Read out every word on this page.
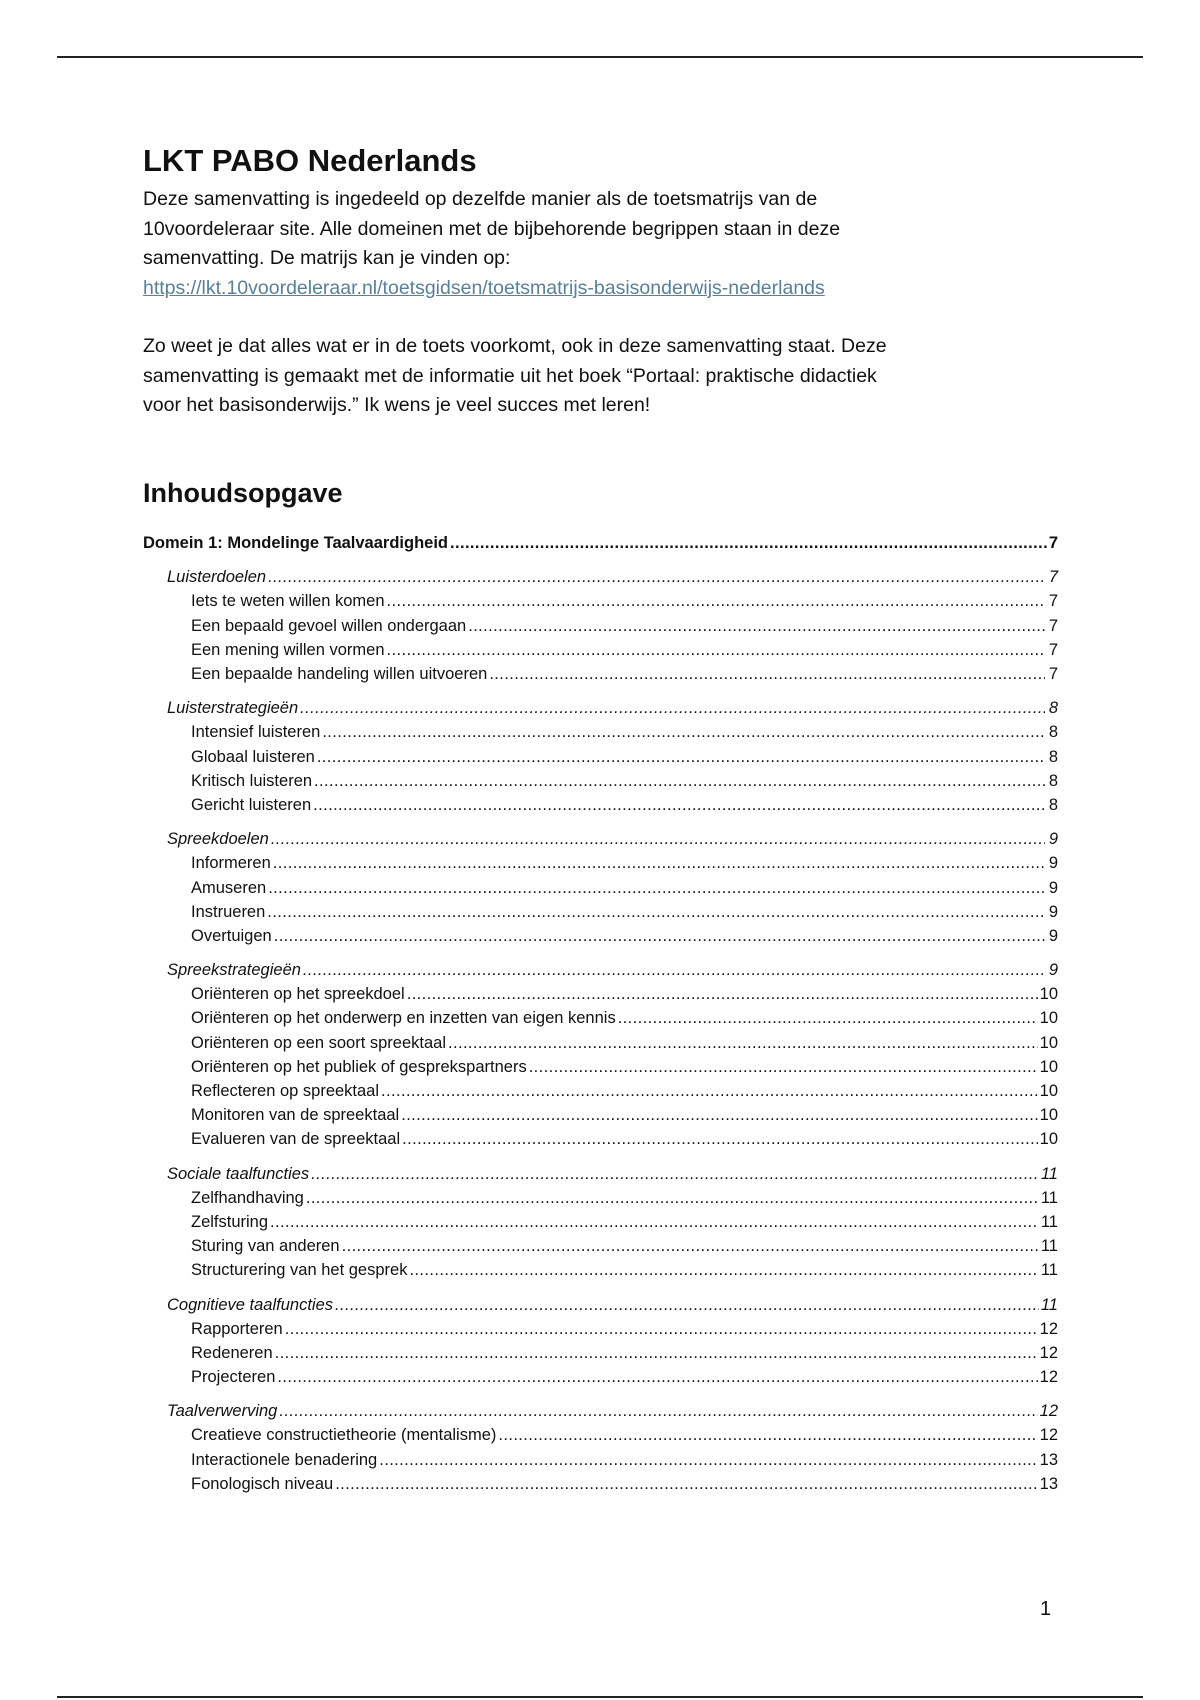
LKT PABO Nederlands

Deze samenvatting is ingedeeld op dezelfde manier als de toetsmatrijs van de
10voordeleraar site. Alle domeinen met de bijbehorende begrippen staan in deze
samenvatting. De matrijs kan je vinden op:
https://lkt.10voordeleraar.nl/toetsgidsen/toetsmatrijs-basisonderwijs-nederlands

Zo weet je dat alles wat er in de toets voorkomt, ook in deze samenvatting staat. Deze
samenvatting is gemaakt met de informatie uit het boek “Portaal: praktische didactiek
voor het basisonderwijs.” Ik wens je veel succes met leren!

Inhoudsopgave
Domein 1: Mondelinge Taalvaardigheid .....	7
Luisterdoelen .....	7
Iets te weten willen komen .....	7
Een bepaald gevoel willen ondergaan .....	7
Een mening willen vormen .....	7
Een bepaalde handeling willen uitvoeren .....	7
Luisterstrategieën .....	8
Intensief luisteren .....	8
Globaal luisteren .....	8
Kritisch luisteren .....	8
Gericht luisteren .....	8
Spreekdoelen .....	9
Informeren .....	9
Amuseren .....	9
Instrueren .....	9
Overtuigen .....	9
Spreekstrategieën .....	9
Oriënteren op het spreekdoel .....	10
Oriënteren op het onderwerp en inzetten van eigen kennis .....	10
Oriënteren op een soort spreektaal .....	10
Oriënteren op het publiek of gesprekspartners .....	10
Reflecteren op spreektaal .....	10
Monitoren van de spreektaal .....	10
Evalueren van de spreektaal .....	10
Sociale taalfuncties .....	11
Zelfhandhaving .....	11
Zelfsturing .....	11
Sturing van anderen .....	11
Structurering van het gesprek .....	11
Cognitieve taalfuncties .....	11
Rapporteren .....	12
Redeneren .....	12
Projecteren .....	12
Taalverwerving .....	12
Creatieve constructietheorie (mentalisme) .....	12
Interactionele benadering .....	13
Fonologisch niveau .....	13
1
